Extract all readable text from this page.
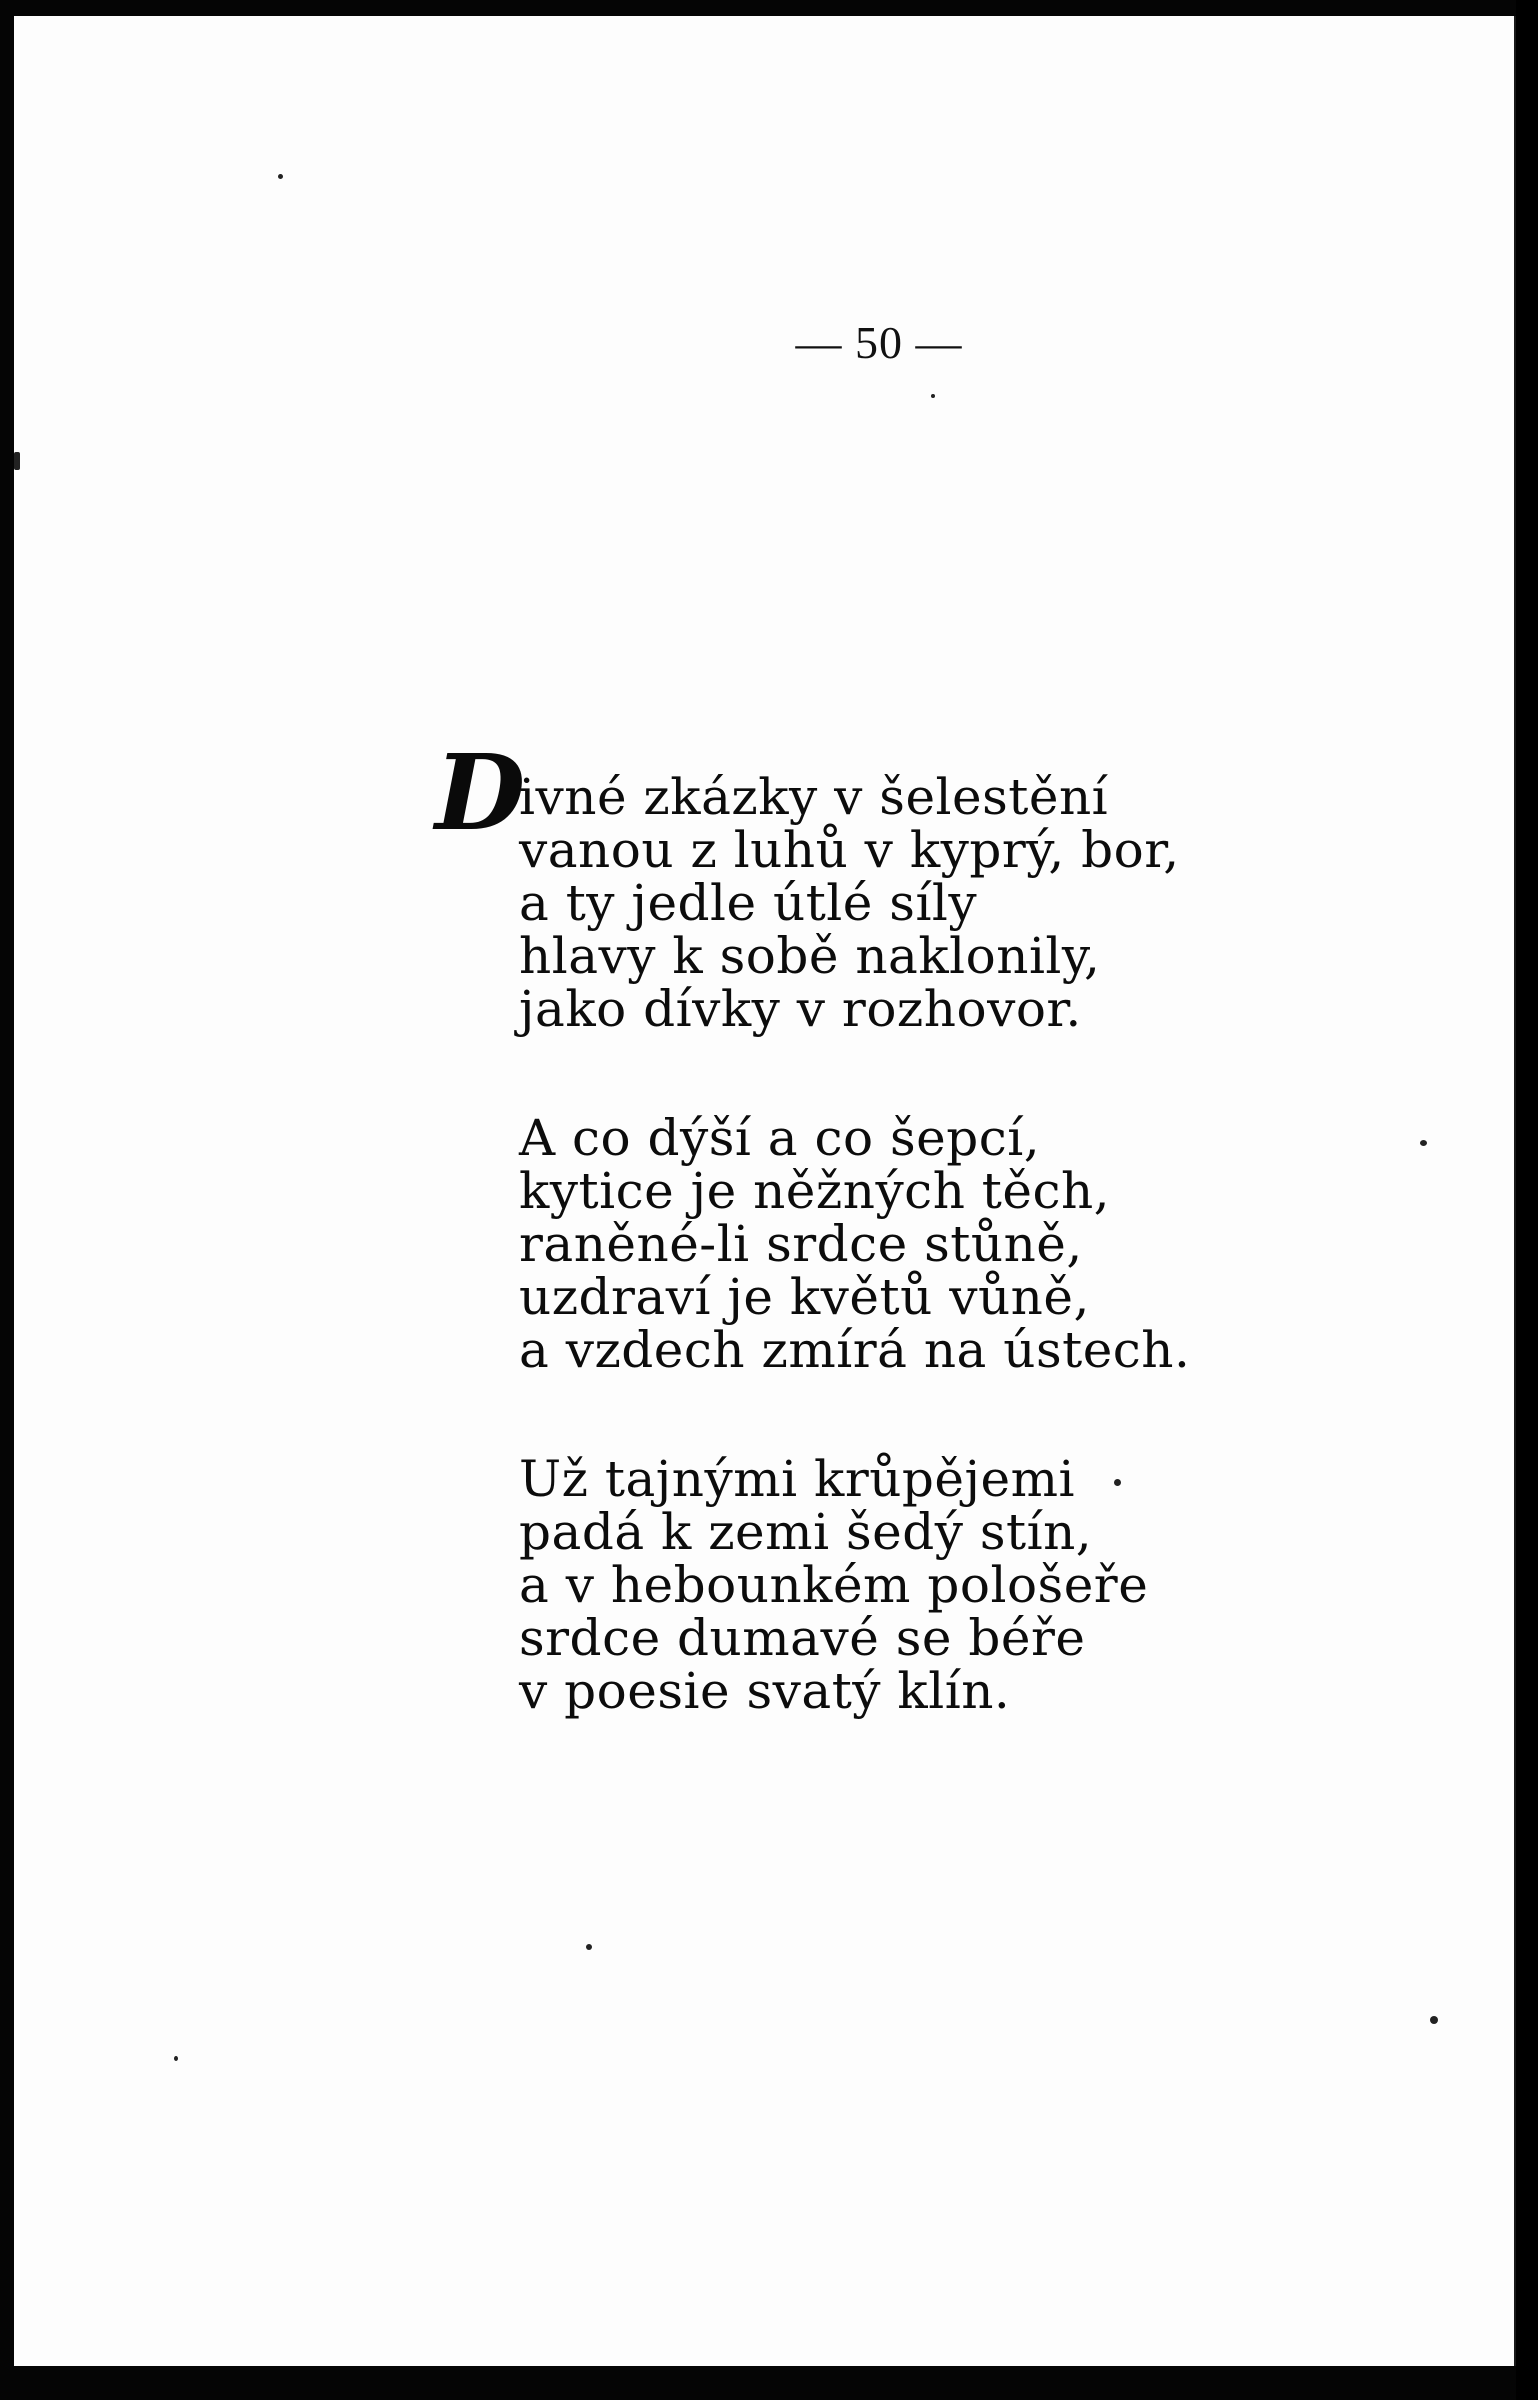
— 50 —
D
ivné zkázky v šelestění
vanou z luhů v kyprý, bor,
a ty jedle útlé síly
hlavy k sobě naklonily,
jako dívky v rozhovor.
A co dýší a co šepcí,
kytice je něžných těch,
raněné-li srdce stůně,
uzdraví je květů vůně,
a vzdech zmírá na ústech.
Už tajnými krůpějemi
padá k zemi šedý stín,
a v hebounkém pološeře
srdce dumavé se béře
v poesie svatý klín.
